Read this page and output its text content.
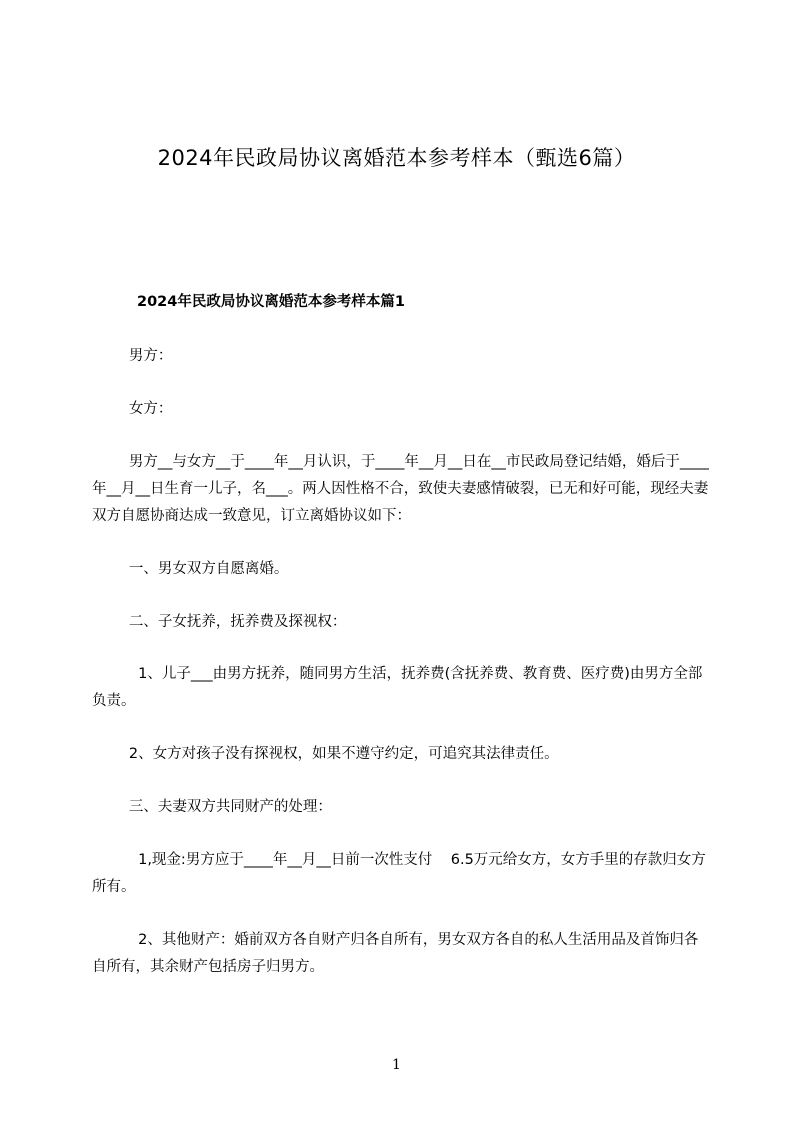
2024年民政局协议离婚范本参考样本（甄选6篇）
2024年民政局协议离婚范本参考样本篇1
男方：
女方：
男方__与女方__于____年__月认识，于____年__月__日在__市民政局登记结婚，婚后于____年__月__日生育一儿子，名___。两人因性格不合，致使夫妻感情破裂，已无和好可能，现经夫妻双方自愿协商达成一致意见，订立离婚协议如下：
一、男女双方自愿离婚。
二、子女抚养，抚养费及探视权：
1、儿子___由男方抚养，随同男方生活，抚养费(含抚养费、教育费、医疗费)由男方全部负责。
2、女方对孩子没有探视权，如果不遵守约定，可追究其法律责任。
三、夫妻双方共同财产的处理：
1,现金:男方应于____年__月__日前一次性支付    6.5万元给女方，女方手里的存款归女方所有。
2、其他财产：婚前双方各自财产归各自所有，男女双方各自的私人生活用品及首饰归各自所有，其余财产包括房子归男方。
1
